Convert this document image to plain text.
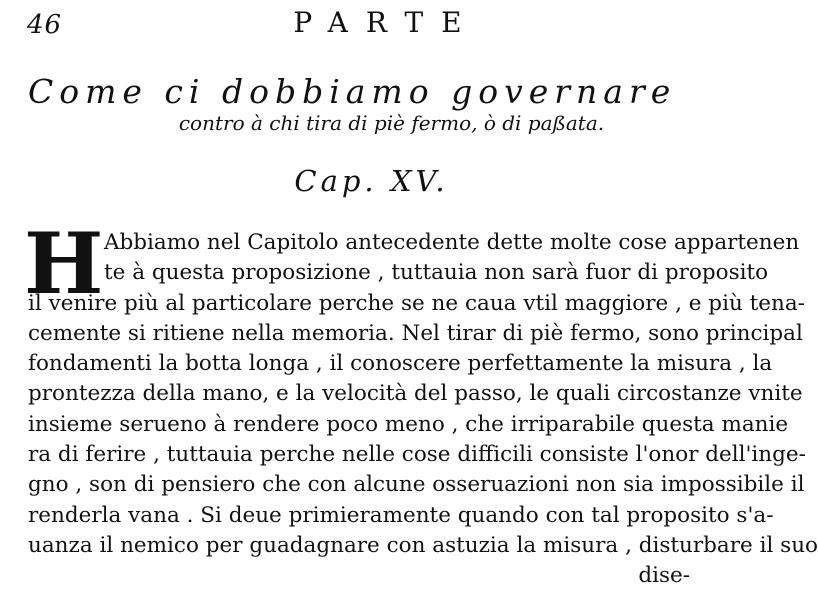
46	PARTE
Come ci dobbiamo governare
contro à chi tira di piè fermo, ò di paßata.
Cap. XV.
H Abbiamo nel Capitolo antecedente dette molte cose appartenen
te à questa proposizione , tuttauia non sarà fuor di proposito
il venire più al particolare perche se ne caua vtil maggiore , e più tena-
cemente si ritiene nella memoria. Nel tirar di piè fermo, sono principal
fondamenti la botta longa , il conoscere perfettamente la misura , la
prontezza della mano, e la velocità del passo, le quali circostanze vnite
insieme serueno à rendere poco meno , che irriparabile questa manie
ra di ferire , tuttauia perche nelle cose difficili consiste l'onor dell'inge-
gno , son di pensiero che con alcune osseruazioni non sia impossibile il
renderla vana . Si deue primieramente quando con tal proposito s'a-
uanza il nemico per guadagnare con astuzia la misura , disturbare il suo
dise-
